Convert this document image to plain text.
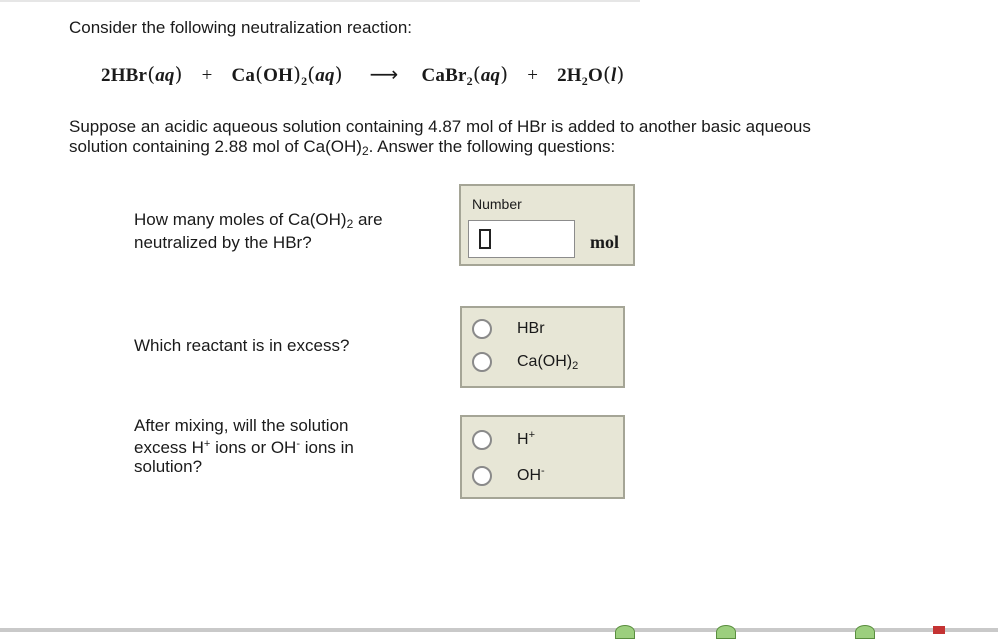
Consider the following neutralization reaction:
$2HBr(aq) + Ca(OH)_2(aq)$ ⟶ CaBr$_2$(aq) + $2H_2O(l)$
Suppose an acidic aqueous solution containing 4.87 mol of HBr is added to another basic aqueous
solution containing 2.88 mol of $Ca(OH)_2$. Answer the following questions:
How many moles of $Ca(OH)_2$ are
neutralized by the HBr?
Number
mol
Which reactant is in excess?
HBr
$Ca(OH)_2$
After mixing, will the solution
excess H+ ions or OH- ions in
solution?
H+
OH-
